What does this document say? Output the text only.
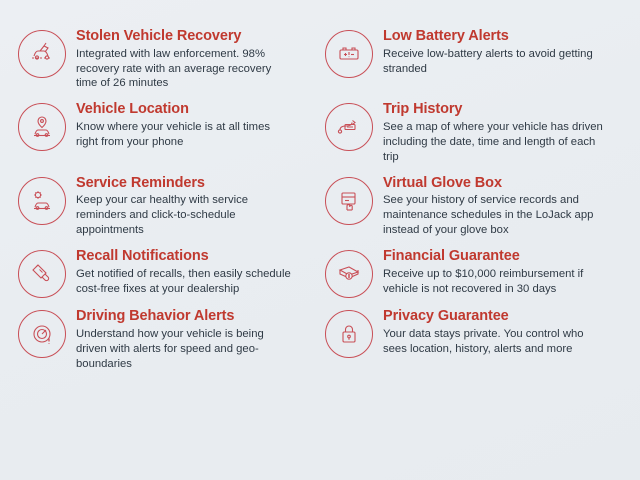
Stolen Vehicle Recovery

Integrated with law enforcement. 98% recovery rate with an average recovery time of 26 minutes

Low Battery Alerts

Receive low-battery alerts to avoid getting stranded

Vehicle Location

Know where your vehicle is at all times right from your phone

Trip History

See a map of where your vehicle has driven including the date, time and length of each trip

Service Reminders

Keep your car healthy with service reminders and click-to-schedule appointments

Virtual Glove Box

See your history of service records and maintenance schedules in the LoJack app instead of your glove box

Recall Notifications

Get notified of recalls, then easily schedule cost-free fixes at your dealership

Financial Guarantee

Receive up to $10,000 reimbursement if vehicle is not recovered in 30 days

Driving Behavior Alerts

Understand how your vehicle is being driven with alerts for speed and geo-boundaries

Privacy Guarantee

Your data stays private. You control who sees location, history, alerts and more
